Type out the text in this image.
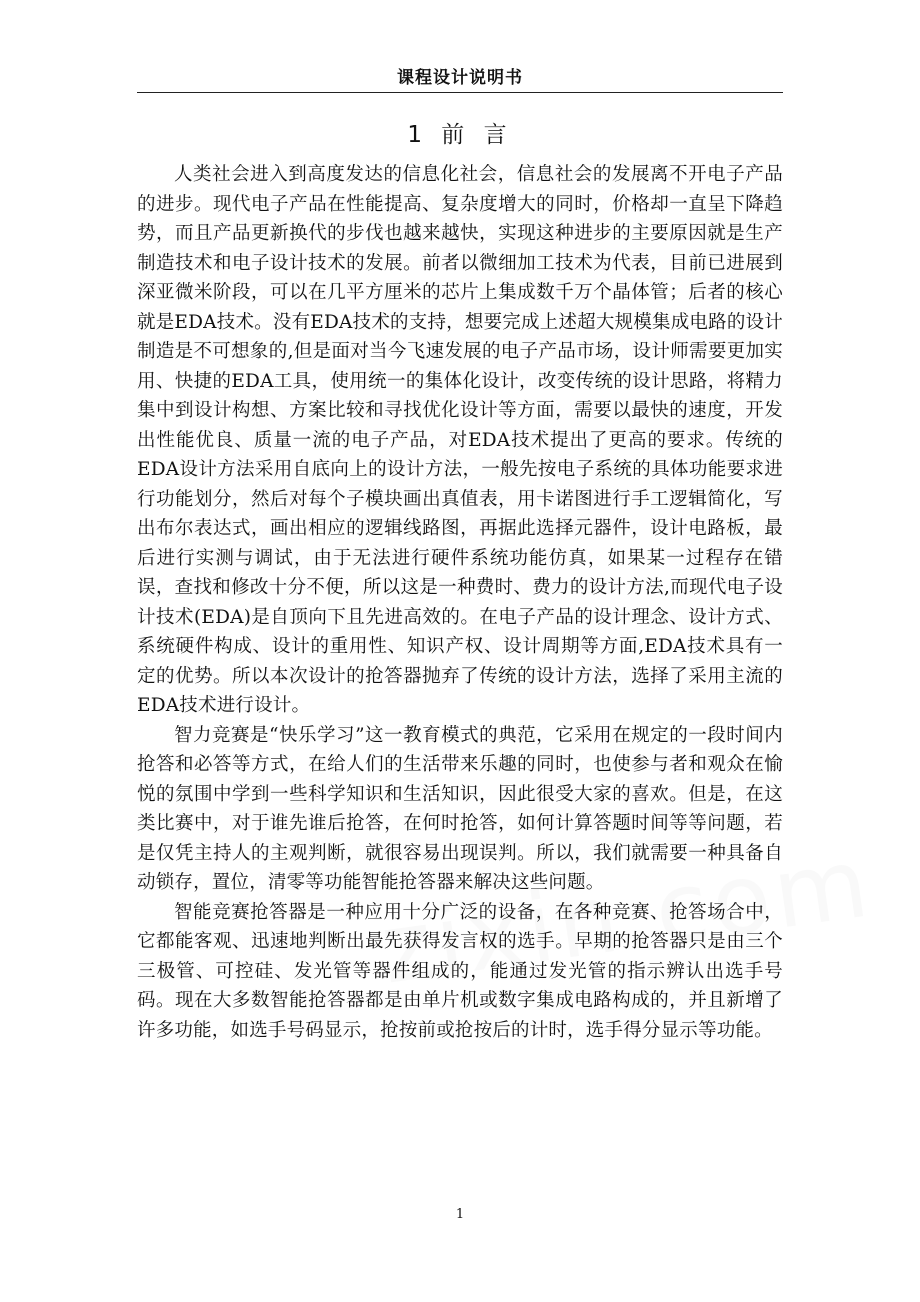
课程设计说明书
1 前 言

人类社会进入到高度发达的信息化社会，信息社会的发展离不开电子产品的进步。现代电子产品在性能提高、复杂度增大的同时，价格却一直呈下降趋势，而且产品更新换代的步伐也越来越快，实现这种进步的主要原因就是生产制造技术和电子设计技术的发展。前者以微细加工技术为代表，目前已进展到深亚微米阶段，可以在几平方厘米的芯片上集成数千万个晶体管；后者的核心就是EDA技术。没有EDA技术的支持，想要完成上述超大规模集成电路的设计制造是不可想象的,但是面对当今飞速发展的电子产品市场，设计师需要更加实用、快捷的EDA工具，使用统一的集体化设计，改变传统的设计思路，将精力集中到设计构想、方案比较和寻找优化设计等方面，需要以最快的速度，开发出性能优良、质量一流的电子产品，对EDA技术提出了更高的要求。传统的EDA设计方法采用自底向上的设计方法，一般先按电子系统的具体功能要求进行功能划分，然后对每个子模块画出真值表，用卡诺图进行手工逻辑简化，写出布尔表达式，画出相应的逻辑线路图，再据此选择元器件，设计电路板，最后进行实测与调试，由于无法进行硬件系统功能仿真，如果某一过程存在错误，查找和修改十分不便，所以这是一种费时、费力的设计方法,而现代电子设计技术(EDA)是自顶向下且先进高效的。在电子产品的设计理念、设计方式、系统硬件构成、设计的重用性、知识产权、设计周期等方面,EDA技术具有一定的优势。所以本次设计的抢答器抛弃了传统的设计方法，选择了采用主流的EDA技术进行设计。

智力竞赛是“快乐学习”这一教育模式的典范，它采用在规定的一段时间内抢答和必答等方式，在给人们的生活带来乐趣的同时，也使参与者和观众在愉悦的氛围中学到一些科学知识和生活知识，因此很受大家的喜欢。但是，在这类比赛中，对于谁先谁后抢答，在何时抢答，如何计算答题时间等等问题，若是仅凭主持人的主观判断，就很容易出现误判。所以，我们就需要一种具备自动锁存，置位，清零等功能智能抢答器来解决这些问题。

智能竞赛抢答器是一种应用十分广泛的设备，在各种竞赛、抢答场合中，它都能客观、迅速地判断出最先获得发言权的选手。早期的抢答器只是由三个三极管、可控硅、发光管等器件组成的，能通过发光管的指示辨认出选手号码。现在大多数智能抢答器都是由单片机或数字集成电路构成的，并且新增了许多功能，如选手号码显示，抢按前或抢按后的计时，选手得分显示等功能。

1
